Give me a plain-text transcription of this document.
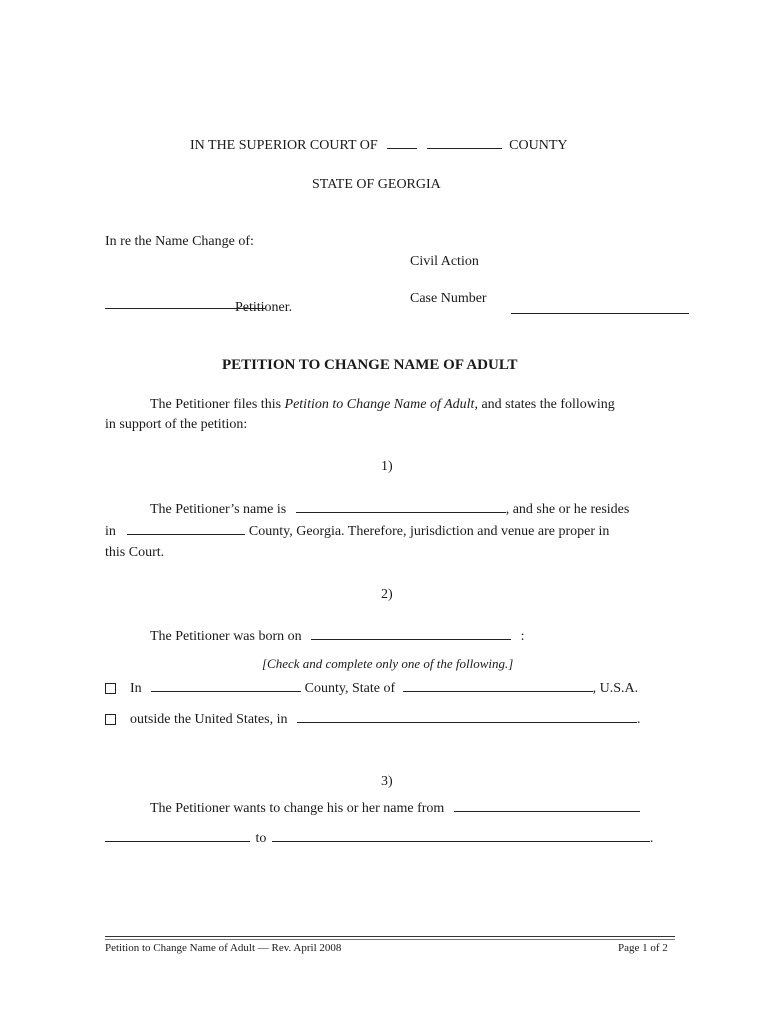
IN THE SUPERIOR COURT OF	COUNTY
STATE OF GEORGIA
In re the Name Change of:
Civil Action
Petitioner.
Case Number
PETITION TO CHANGE NAME OF ADULT
The Petitioner files this Petition to Change Name of Adult, and states the following
in support of the petition:
1)
The Petitioner’s name is	, and she or he resides
in	County, Georgia. Therefore, jurisdiction and venue are proper in
this Court.
2)
The Petitioner was born on	:
[Check and complete only one of the following.]
In	County, State of	, U.S.A.
outside the United States, in	.
3)
The Petitioner wants to change his or her name from
to	.
Petition to Change Name of Adult — Rev. April 2008	Page 1 of 2
